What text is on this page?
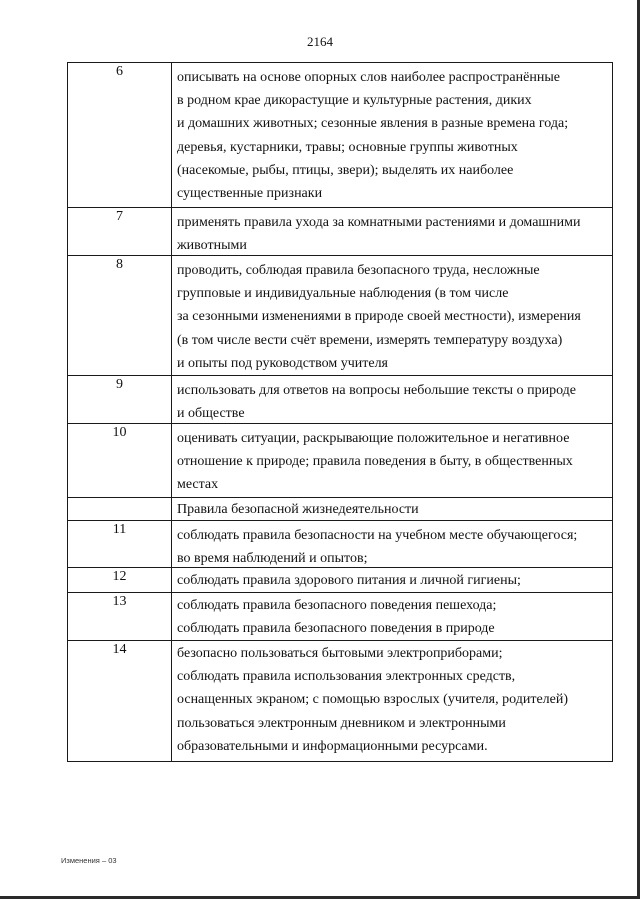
2164
6	описывать на основе опорных слов наиболее распространённые
в родном крае дикорастущие и культурные растения, диких
и домашних животных; сезонные явления в разные времена года;
деревья, кустарники, травы; основные группы животных
(насекомые, рыбы, птицы, звери); выделять их наиболее
существенные признаки
7	применять правила ухода за комнатными растениями и домашними
животными
8	проводить, соблюдая правила безопасного труда, несложные
групповые и индивидуальные наблюдения (в том числе
за сезонными изменениями в природе своей местности), измерения
(в том числе вести счёт времени, измерять температуру воздуха)
и опыты под руководством учителя
9	использовать для ответов на вопросы небольшие тексты о природе
и обществе
10	оценивать ситуации, раскрывающие положительное и негативное
отношение к природе; правила поведения в быту, в общественных
местах
Правила безопасной жизнедеятельности
11	соблюдать правила безопасности на учебном месте обучающегося;
во время наблюдений и опытов;
12	соблюдать правила здорового питания и личной гигиены;
13	соблюдать правила безопасного поведения пешехода;
соблюдать правила безопасного поведения в природе
14	безопасно пользоваться бытовыми электроприборами;
соблюдать правила использования электронных средств,
оснащенных экраном; с помощью взрослых (учителя, родителей)
пользоваться электронным дневником и электронными
образовательными и информационными ресурсами.
Изменения – 03
